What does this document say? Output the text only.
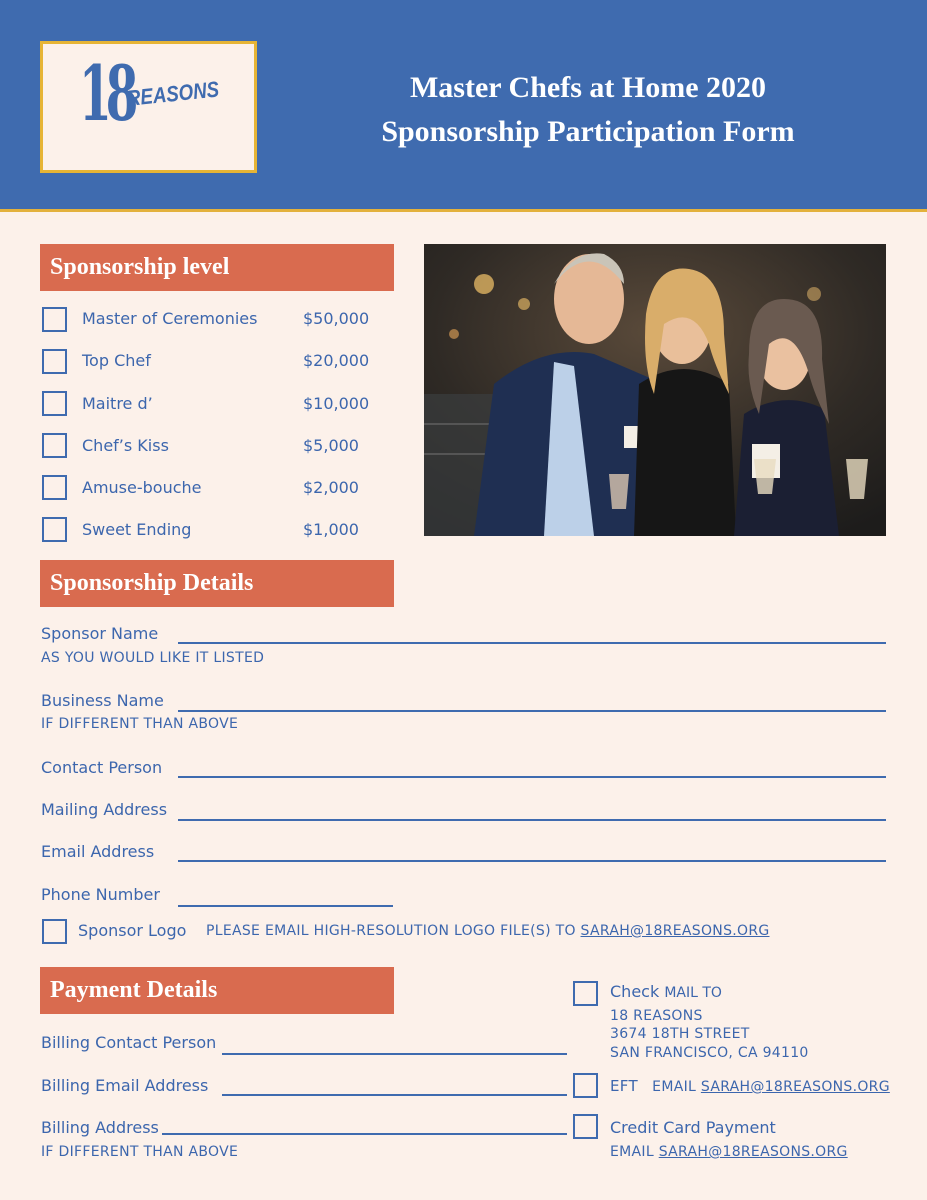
18
REASONS	Master Chefs at Home 2020
Sponsorship Participation Form
Sponsorship level
Master of Ceremonies	$50,000
Top Chef	$20,000
Maitre d’	$10,000
Chef’s Kiss	$5,000
Amuse-bouche	$2,000
Sweet Ending	$1,000
Sponsorship Details
Sponsor Name
AS YOU WOULD LIKE IT LISTED
Business Name
IF DIFFERENT THAN ABOVE
Contact Person
Mailing Address
Email Address
Phone Number
Sponsor Logo PLEASE EMAIL HIGH-RESOLUTION LOGO FILE(S) TO SARAH@18REASONS.ORG
Payment Details
Billing Contact Person
Billing Email Address
Billing Address
IF DIFFERENT THAN ABOVE
Check MAIL TO
18 REASONS
3674 18TH STREET
SAN FRANCISCO, CA 94110
EFT EMAIL SARAH@18REASONS.ORG
Credit Card Payment
EMAIL SARAH@18REASONS.ORG
